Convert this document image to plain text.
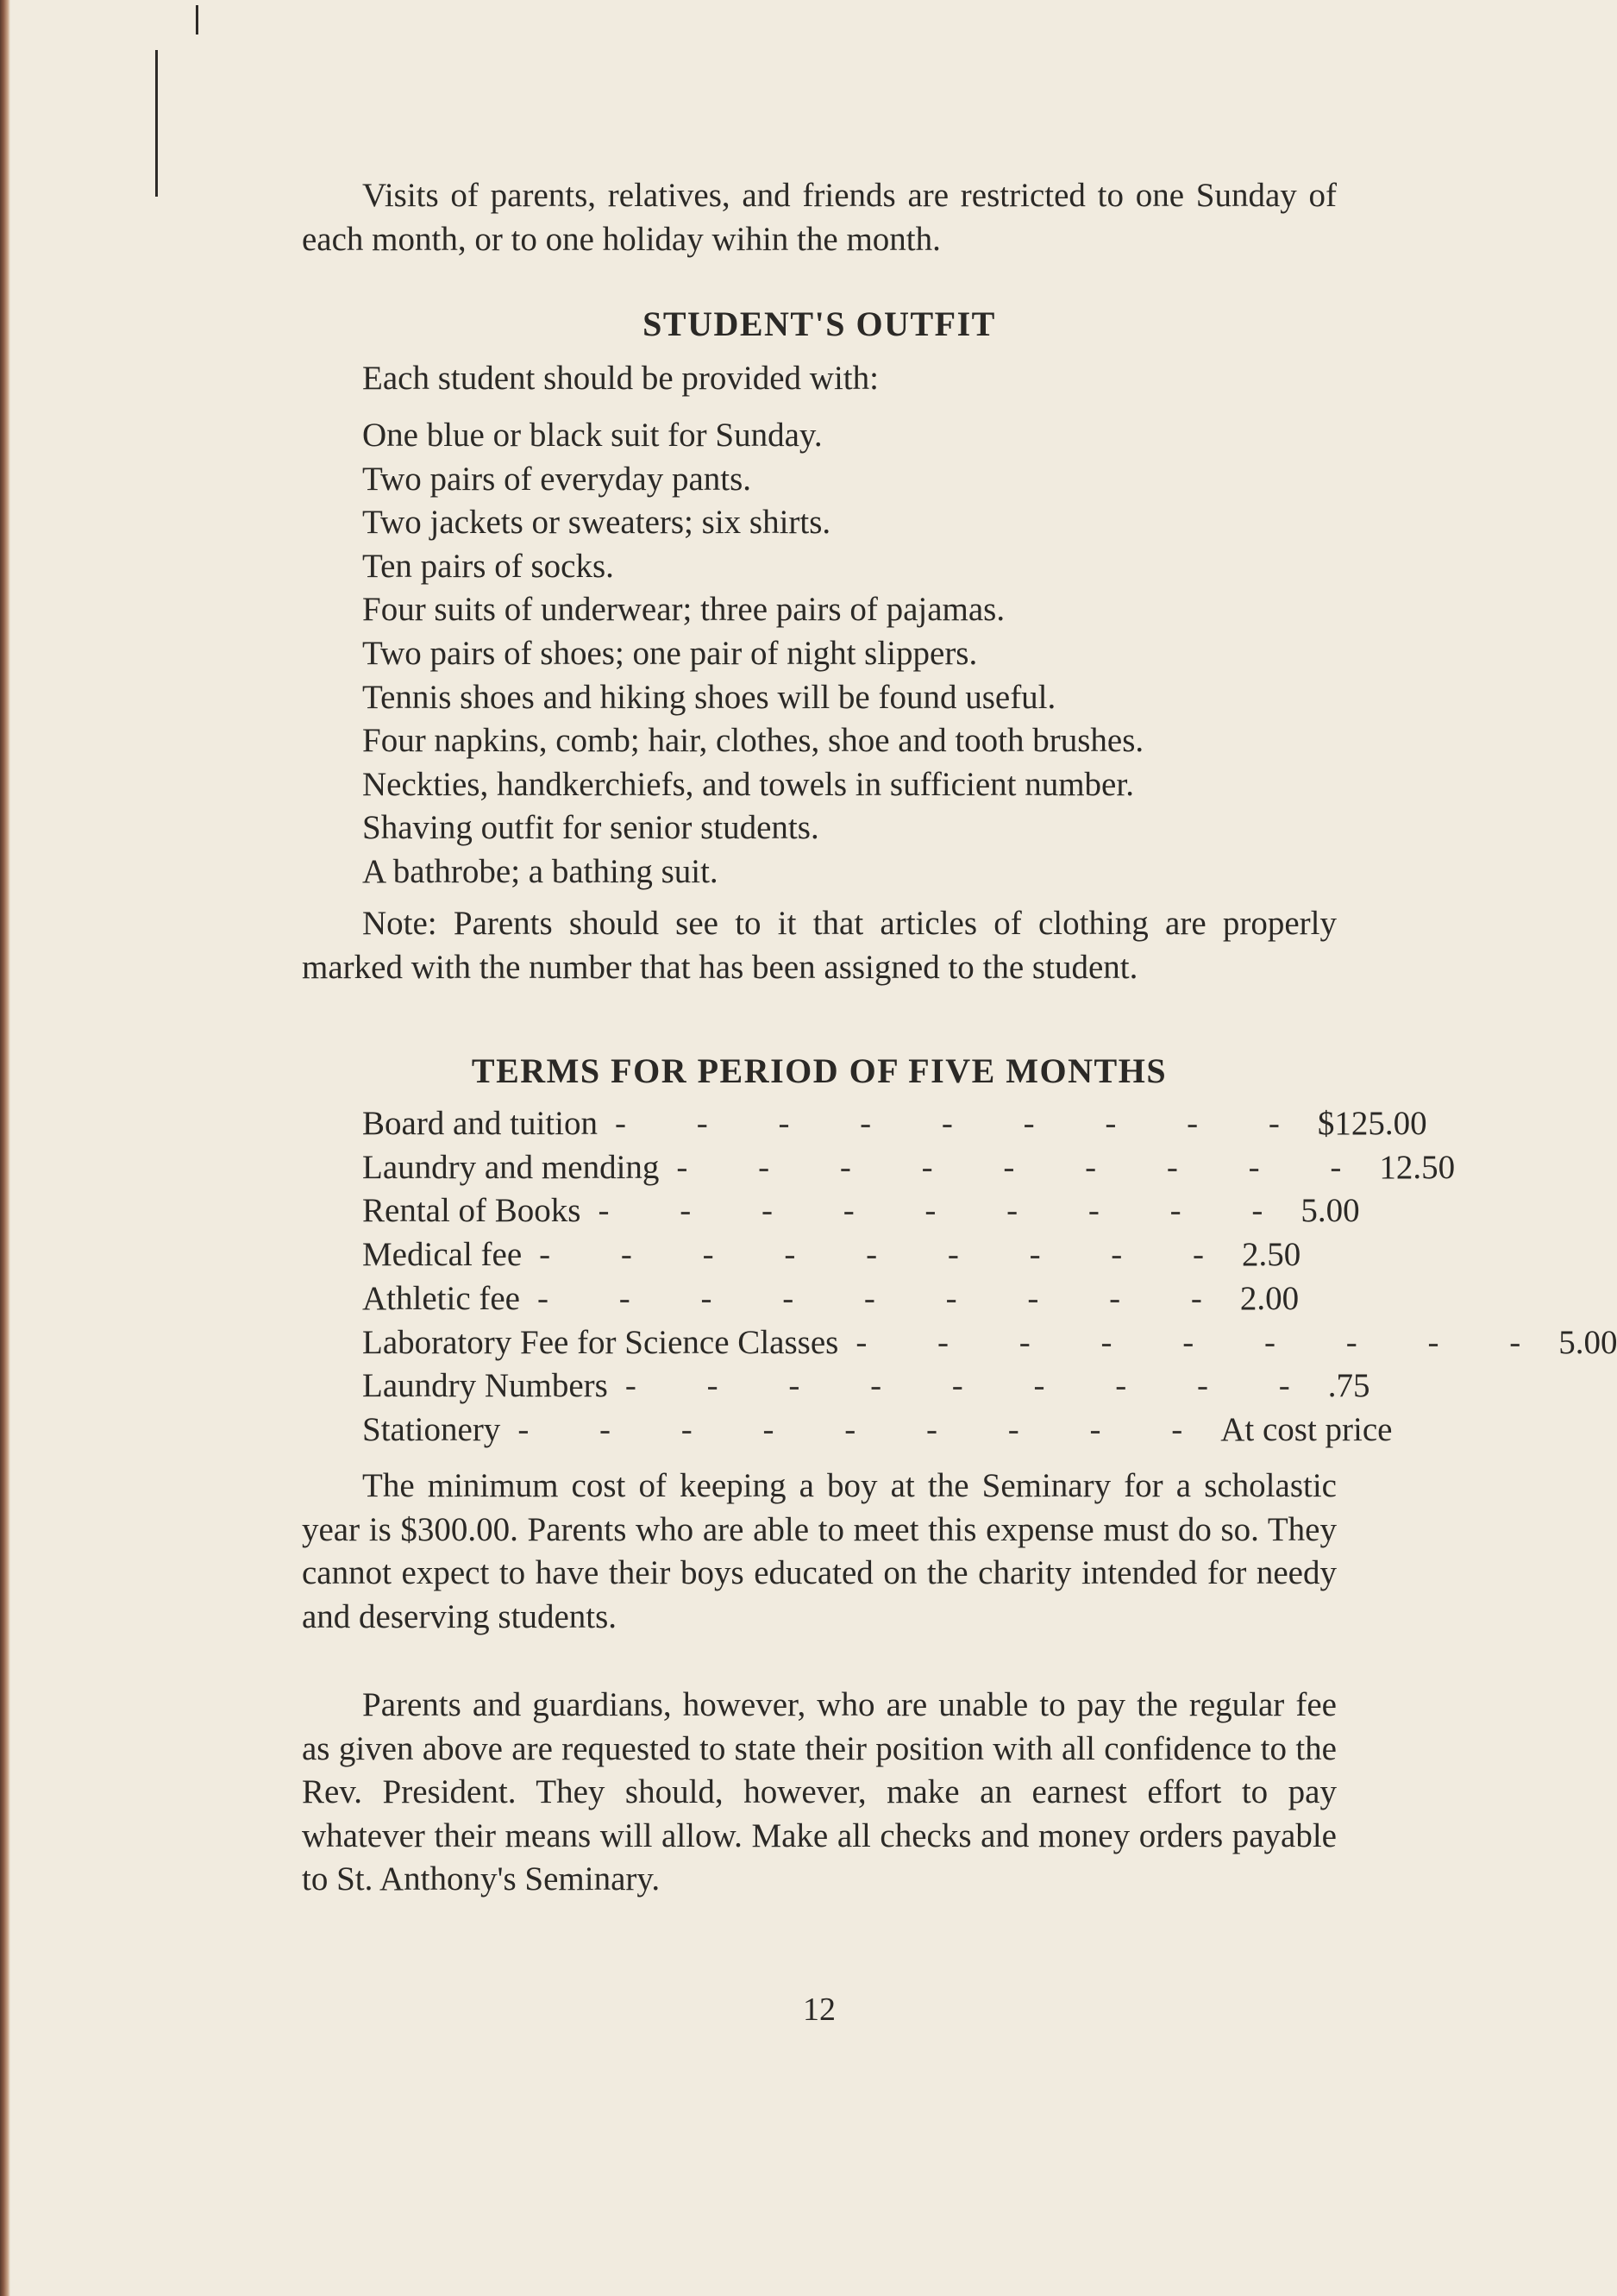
Visits of parents, relatives, and friends are restricted to one Sunday of each month, or to one holiday wihin the month.

STUDENT'S OUTFIT

Each student should be provided with:

One blue or black suit for Sunday.
Two pairs of everyday pants.
Two jackets or sweaters; six shirts.
Ten pairs of socks.
Four suits of underwear; three pairs of pajamas.
Two pairs of shoes; one pair of night slippers.
Tennis shoes and hiking shoes will be found useful.
Four napkins, comb; hair, clothes, shoe and tooth brushes.
Neckties, handkerchiefs, and towels in sufficient number.
Shaving outfit for senior students.
A bathrobe; a bathing suit.

Note: Parents should see to it that articles of clothing are properly marked with the number that has been assigned to the student.

TERMS FOR PERIOD OF FIVE MONTHS
Board and tuition - - - - - - - - - $125.00
Laundry and mending - - - - - - - - - 12.50
Rental of Books - - - - - - - - - 5.00
Medical fee - - - - - - - - - 2.50
Athletic fee - - - - - - - - - 2.00
Laboratory Fee for Science Classes - - - - - - - - - 5.00
Laundry Numbers - - - - - - - - - .75
Stationery - - - - - - - - - At cost price

The minimum cost of keeping a boy at the Seminary for a scholastic year is $300.00. Parents who are able to meet this expense must do so. They cannot expect to have their boys educated on the charity intended for needy and deserving students.

Parents and guardians, however, who are unable to pay the regular fee as given above are requested to state their position with all confidence to the Rev. President. They should, however, make an earnest effort to pay whatever their means will allow. Make all checks and money orders payable to St. Anthony's Seminary.

12
